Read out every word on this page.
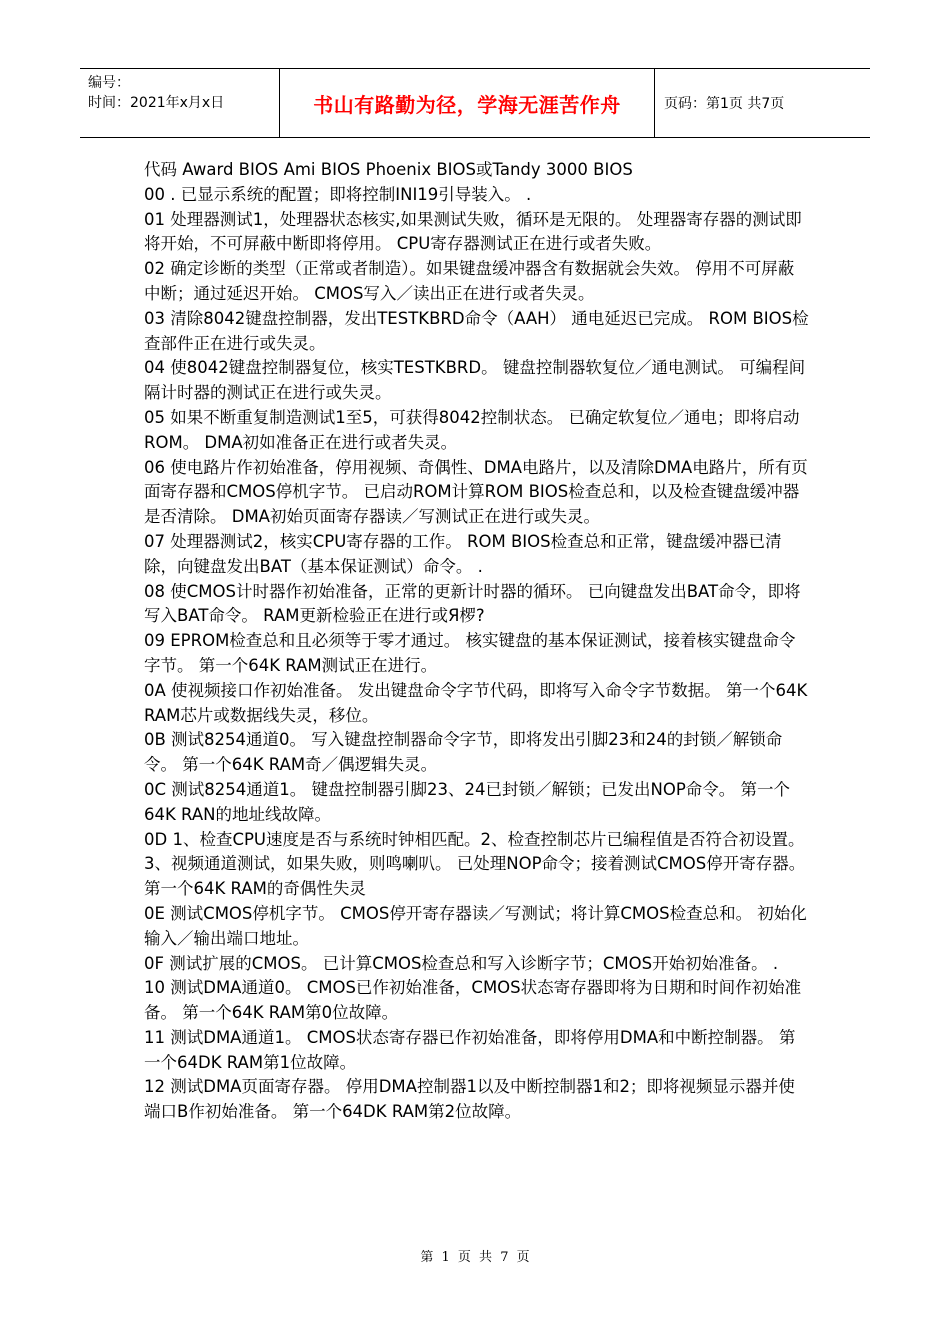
编号：
时间：2021年x月x日	书山有路勤为径，学海无涯苦作舟	页码：第1页 共7页

代码 Award BIOS Ami BIOS Phoenix BIOS或Tandy 3000 BIOS

00 . 已显示系统的配置；即将控制INI19引导装入。 .

01 处理器测试1，处理器状态核实,如果测试失败，循环是无限的。 处理器寄存器的测试即将开始，不可屏蔽中断即将停用。 CPU寄存器测试正在进行或者失败。

02 确定诊断的类型（正常或者制造）。如果键盘缓冲器含有数据就会失效。 停用不可屏蔽中断；通过延迟开始。 CMOS写入／读出正在进行或者失灵。

03 清除8042键盘控制器，发出TESTKBRD命令（AAH） 通电延迟已完成。 ROM BIOS检查部件正在进行或失灵。

04 使8042键盘控制器复位，核实TESTKBRD。 键盘控制器软复位／通电测试。 可编程间隔计时器的测试正在进行或失灵。

05 如果不断重复制造测试1至5，可获得8042控制状态。 已确定软复位／通电；即将启动ROM。 DMA初如准备正在进行或者失灵。

06 使电路片作初始准备，停用视频、奇偶性、DMA电路片，以及清除DMA电路片，所有页面寄存器和CMOS停机字节。 已启动ROM计算ROM BIOS检查总和，以及检查键盘缓冲器是否清除。 DMA初始页面寄存器读／写测试正在进行或失灵。

07 处理器测试2，核实CPU寄存器的工作。 ROM BIOS检查总和正常，键盘缓冲器已清除，向键盘发出BAT（基本保证测试）命令。 .

08 使CMOS计时器作初始准备，正常的更新计时器的循环。 已向键盘发出BAT命令，即将写入BAT命令。 RAM更新检验正在进行或Я椤?

09 EPROM检查总和且必须等于零才通过。 核实键盘的基本保证测试，接着核实键盘命令字节。 第一个64K RAM测试正在进行。

0A 使视频接口作初始准备。 发出键盘命令字节代码，即将写入命令字节数据。 第一个64K RAM芯片或数据线失灵，移位。

0B 测试8254通道0。 写入键盘控制器命令字节，即将发出引脚23和24的封锁／解锁命令。 第一个64K RAM奇／偶逻辑失灵。

0C 测试8254通道1。 键盘控制器引脚23、24已封锁／解锁；已发出NOP命令。 第一个64K RAN的地址线故障。

0D 1、检查CPU速度是否与系统时钟相匹配。2、检查控制芯片已编程值是否符合初设置。3、视频通道测试，如果失败，则鸣喇叭。 已处理NOP命令；接着测试CMOS停开寄存器。 第一个64K RAM的奇偶性失灵

0E 测试CMOS停机字节。 CMOS停开寄存器读／写测试；将计算CMOS检查总和。 初始化输入／输出端口地址。

0F 测试扩展的CMOS。 已计算CMOS检查总和写入诊断字节；CMOS开始初始准备。 .

10 测试DMA通道0。 CMOS已作初始准备，CMOS状态寄存器即将为日期和时间作初始准备。 第一个64K RAM第0位故障。

11 测试DMA通道1。 CMOS状态寄存器已作初始准备，即将停用DMA和中断控制器。 第一个64DK RAM第1位故障。

12 测试DMA页面寄存器。 停用DMA控制器1以及中断控制器1和2；即将视频显示器并使端口B作初始准备。 第一个64DK RAM第2位故障。

第 1 页 共 7 页
